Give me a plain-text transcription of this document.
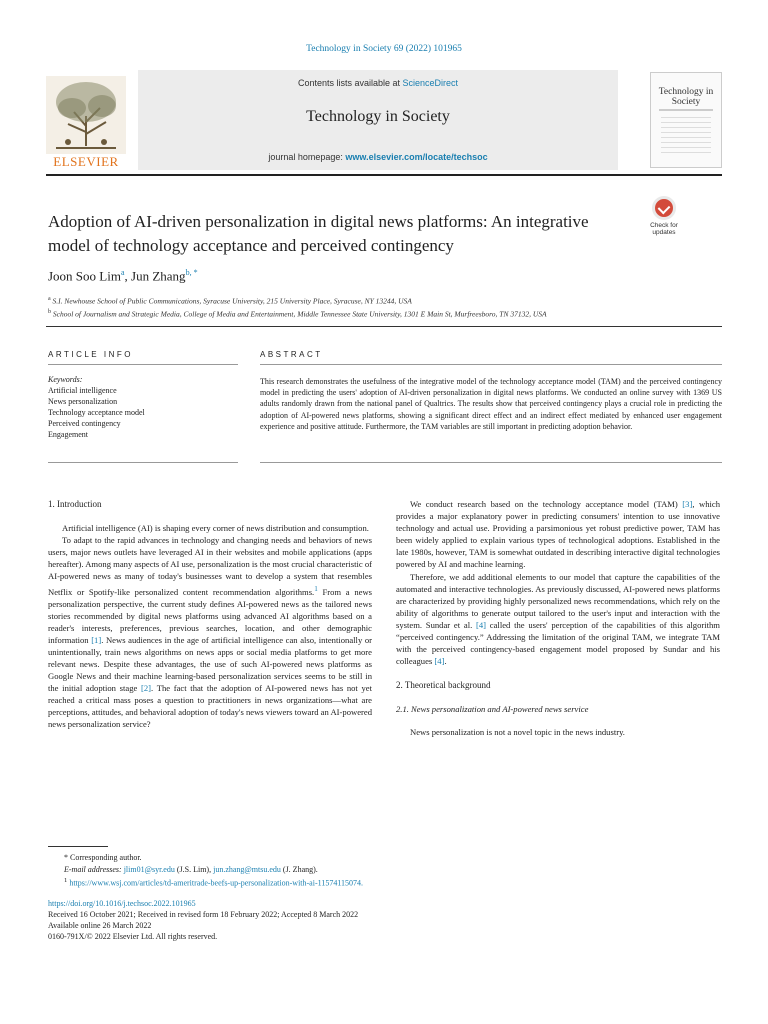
Technology in Society 69 (2022) 101965
ELSEVIER
Contents lists available at ScienceDirect
Technology in Society
journal homepage: www.elsevier.com/locate/techsoc
Technology in Society
Check for updates
Adoption of AI-driven personalization in digital news platforms: An integrative model of technology acceptance and perceived contingency
Joon Soo Lim$^a$, Jun Zhang$^{b, *}$
$^a$ S.I. Newhouse School of Public Communications, Syracuse University, 215 University Place, Syracuse, NY 13244, USA
$^b$ School of Journalism and Strategic Media, College of Media and Entertainment, Middle Tennessee State University, 1301 E Main St, Murfreesboro, TN 37132, USA
ARTICLE INFO	ABSTRACT
Keywords:
Artificial intelligence
News personalization
Technology acceptance model
Perceived contingency
Engagement
This research demonstrates the usefulness of the integrative model of the technology acceptance model (TAM) and the perceived contingency model in predicting the users' adoption of AI-driven personalization in digital news platforms. We conducted an online survey with 1369 US adults randomly drawn from the national panel of Qualtrics. The results show that perceived contingency plays a crucial role in predicting the adoption of AI-powered news platforms, showing a significant direct effect and an indirect effect mediated by enhanced user engagement experience and positive attitude. Furthermore, the TAM variables are still important in predicting adoption behavior.
1. Introduction

Artificial intelligence (AI) is shaping every corner of news distribution and consumption.

To adapt to the rapid advances in technology and changing needs and behaviors of news users, major news outlets have leveraged AI in their websites and mobile applications (apps hereafter). Among many aspects of AI use, personalization is the most crucial characteristic of AI-powered news as many of today's businesses want to develop a system that resembles Netflix or Spotify-like personalized content recommendation algorithms.$^1$ From a news personalization perspective, the current study defines AI-powered news as the tailored news stories recommended by digital news platforms using advanced AI algorithms based on a reader's interests, preferences, previous searches, location, and other demographic information [1]. News audiences in the age of artificial intelligence can also, intentionally or unintentionally, train news algorithms on news apps or social media platforms to get more relevant news. Despite these advantages, the use of such AI-powered news platforms as Google News and their machine learning-based personalization services seems to be still in the initial adoption stage [2]. The fact that the adoption of AI-powered news has not yet reached a critical mass poses a question to practitioners in news organizations—what are perceptions, attitudes, and behavioral adoption of today's news viewers toward an AI-powered news personalization service?

We conduct research based on the technology acceptance model (TAM) [3], which provides a major explanatory power in predicting consumers' intention to use innovative technology and actual use. Providing a parsimonious yet robust predictive power, TAM has been widely applied to explain various types of technological adoptions. Established in the late 1980s, however, TAM is somewhat outdated in describing interactive digital technologies powered by AI and machine learning.

Therefore, we add additional elements to our model that capture the capabilities of the automated and interactive technologies. As previously discussed, AI-powered news platforms are characterized by providing highly personalized news recommendations, which rely on the ability of algorithms to generate output tailored to the user's input and interaction with the system. Sundar et al. [4] called the users' perception of the capabilities of this algorithm “perceived contingency.” Addressing the limitation of the original TAM, we integrate TAM with the perceived contingency-based engagement model proposed by Sundar and his colleagues [4].

2. Theoretical background
2.1. News personalization and AI-powered news service

News personalization is not a novel topic in the news industry.

* Corresponding author.
E-mail addresses: jlim01@syr.edu (J.S. Lim), jun.zhang@mtsu.edu (J. Zhang).
$^1$ https://www.wsj.com/articles/td-ameritrade-beefs-up-personalization-with-ai-11574115074.
https://doi.org/10.1016/j.techsoc.2022.101965
Received 16 October 2021; Received in revised form 18 February 2022; Accepted 8 March 2022
Available online 26 March 2022
0160-791X/© 2022 Elsevier Ltd. All rights reserved.
